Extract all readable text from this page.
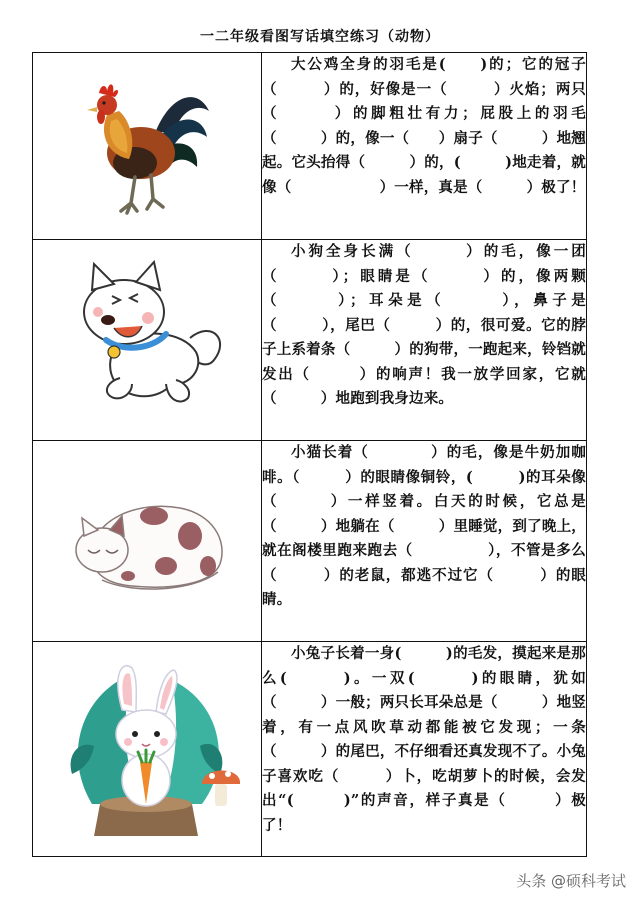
一二年级看图写话填空练习（动物）

大公鸡全身的羽毛是(　　)的；它的冠子（　　　）的，好像是一（　　　）火焰；两只（　　　）的脚粗壮有力；屁股上的羽毛（　　　）的，像一（　　）扇子（　　　）地翘起。它头抬得（　　　）的，(　　　)地走着，就像（　　　　　　）一样，真是（　　　）极了！

小狗全身长满（　　　）的毛，像一团（　　　）；眼睛是（　　　）的，像两颗（　　　）；耳朵是（　　　），鼻子是（　　　），尾巴（　　　）的，很可爱。它的脖子上系着条（　　　）的狗带，一跑起来，铃铛就发出（　　　）的响声！我一放学回家，它就（　　　）地跑到我身边来。

小猫长着（　　　　）的毛，像是牛奶加咖啡。（　　　）的眼睛像铜铃，(　　　)的耳朵像（　　　）一样竖着。白天的时候，它总是（　　　）地躺在（　　　）里睡觉，到了晚上，就在阁楼里跑来跑去（　　　　　），不管是多么（　　　）的老鼠，都逃不过它（　　　）的眼睛。

小兔子长着一身(　　　)的毛发，摸起来是那么(　　　)。一双(　　　)的眼睛，犹如（　　　）一般；两只长耳朵总是（　　　）地竖着，有一点风吹草动都能被它发现；一条（　　　）的尾巴，不仔细看还真发现不了。小兔子喜欢吃（　　　）卜，吃胡萝卜的时候，会发出“(　　　)”的声音，样子真是（　　　）极了！

头条 @硕科考试
